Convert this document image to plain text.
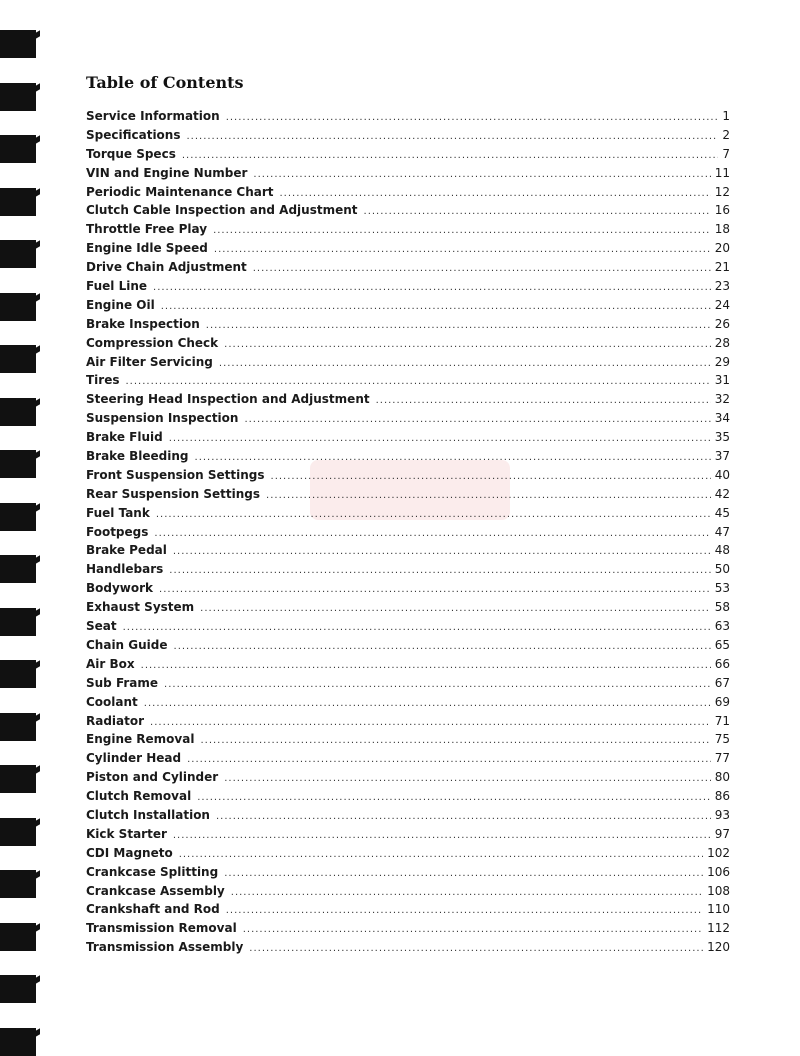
Table of Contents
Service Information .....	1
Specifications .....	2
Torque Specs .....	7
VIN and Engine Number .....	11
Periodic Maintenance Chart .....	12
Clutch Cable Inspection and Adjustment .....	16
Throttle Free Play .....	18
Engine Idle Speed .....	20
Drive Chain Adjustment .....	21
Fuel Line .....	23
Engine Oil .....	24
Brake Inspection .....	26
Compression Check .....	28
Air Filter Servicing .....	29
Tires .....	31
Steering Head Inspection and Adjustment .....	32
Suspension Inspection .....	34
Brake Fluid .....	35
Brake Bleeding .....	37
Front Suspension Settings .....	40
Rear Suspension Settings .....	42
Fuel Tank .....	45
Footpegs .....	47
Brake Pedal .....	48
Handlebars .....	50
Bodywork .....	53
Exhaust System .....	58
Seat .....	63
Chain Guide .....	65
Air Box .....	66
Sub Frame .....	67
Coolant .....	69
Radiator .....	71
Engine Removal .....	75
Cylinder Head .....	77
Piston and Cylinder .....	80
Clutch Removal .....	86
Clutch Installation .....	93
Kick Starter .....	97
CDI Magneto .....	102
Crankcase Splitting .....	106
Crankcase Assembly .....	108
Crankshaft and Rod .....	110
Transmission Removal .....	112
Transmission Assembly .....	120
